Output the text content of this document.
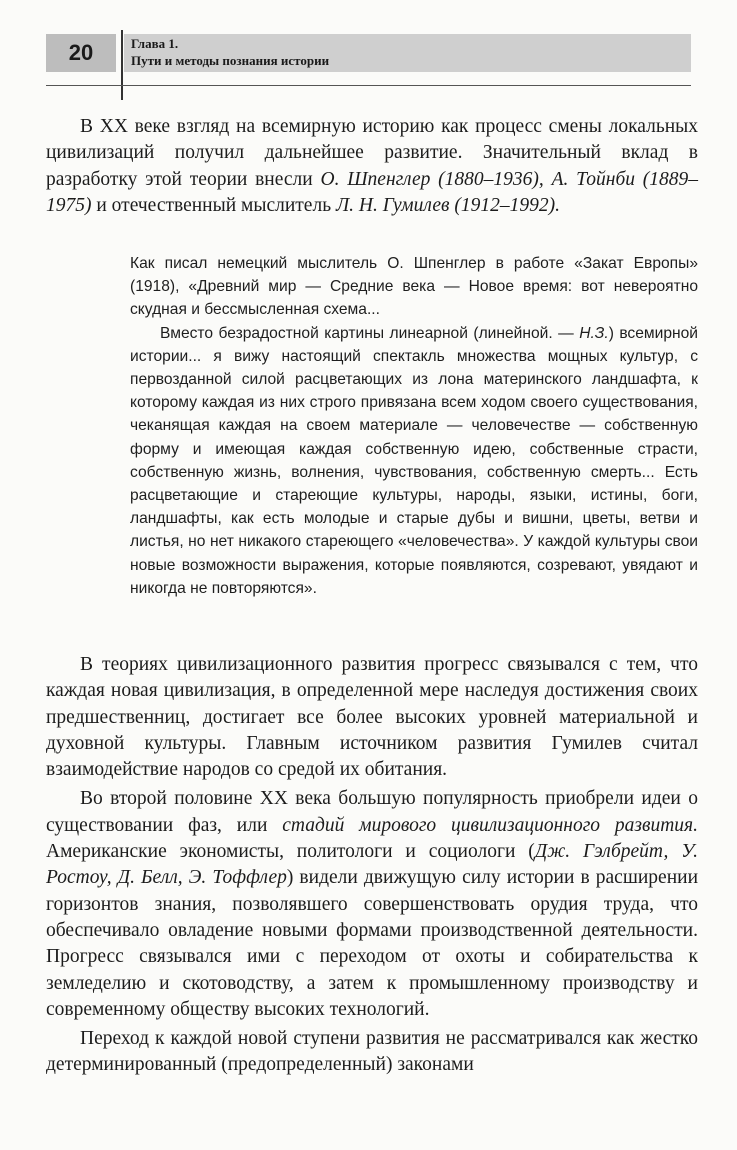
20	Глава 1.
Пути и методы познания истории

В XX веке взгляд на всемирную историю как процесс смены локальных цивилизаций получил дальнейшее развитие. Значительный вклад в разработку этой теории внесли О. Шпенглер (1880–1936), А. Тойнби (1889–1975) и отечественный мыслитель Л. Н. Гумилев (1912–1992).

Как писал немецкий мыслитель О. Шпенглер в работе «Закат Европы» (1918), «Древний мир — Средние века — Новое время: вот невероятно скудная и бессмысленная схема...

Вместо безрадостной картины линеарной (линейной. — Н.З.) всемирной истории... я вижу настоящий спектакль множества мощных культур, с первозданной силой расцветающих из лона материнского ландшафта, к которому каждая из них строго привязана всем ходом своего существования, чеканящая каждая на своем материале — человечестве — собственную форму и имеющая каждая собственную идею, собственные страсти, собственную жизнь, волнения, чувствования, собственную смерть... Есть расцветающие и стареющие культуры, народы, языки, истины, боги, ландшафты, как есть молодые и старые дубы и вишни, цветы, ветви и листья, но нет никакого стареющего «человечества». У каждой культуры свои новые возможности выражения, которые появляются, созревают, увядают и никогда не повторяются».

В теориях цивилизационного развития прогресс связывался с тем, что каждая новая цивилизация, в определенной мере наследуя достижения своих предшественниц, достигает все более высоких уровней материальной и духовной культуры. Главным источником развития Гумилев считал взаимодействие народов со средой их обитания.

Во второй половине XX века большую популярность приобрели идеи о существовании фаз, или стадий мирового цивилизационного развития. Американские экономисты, политологи и социологи (Дж. Гэлбрейт, У. Ростоу, Д. Белл, Э. Тоффлер) видели движущую силу истории в расширении горизонтов знания, позволявшего совершенствовать орудия труда, что обеспечивало овладение новыми формами производственной деятельности. Прогресс связывался ими с переходом от охоты и собирательства к земледелию и скотоводству, а затем к промышленному производству и современному обществу высоких технологий.

Переход к каждой новой ступени развития не рассматривался как жестко детерминированный (предопределенный) законами
